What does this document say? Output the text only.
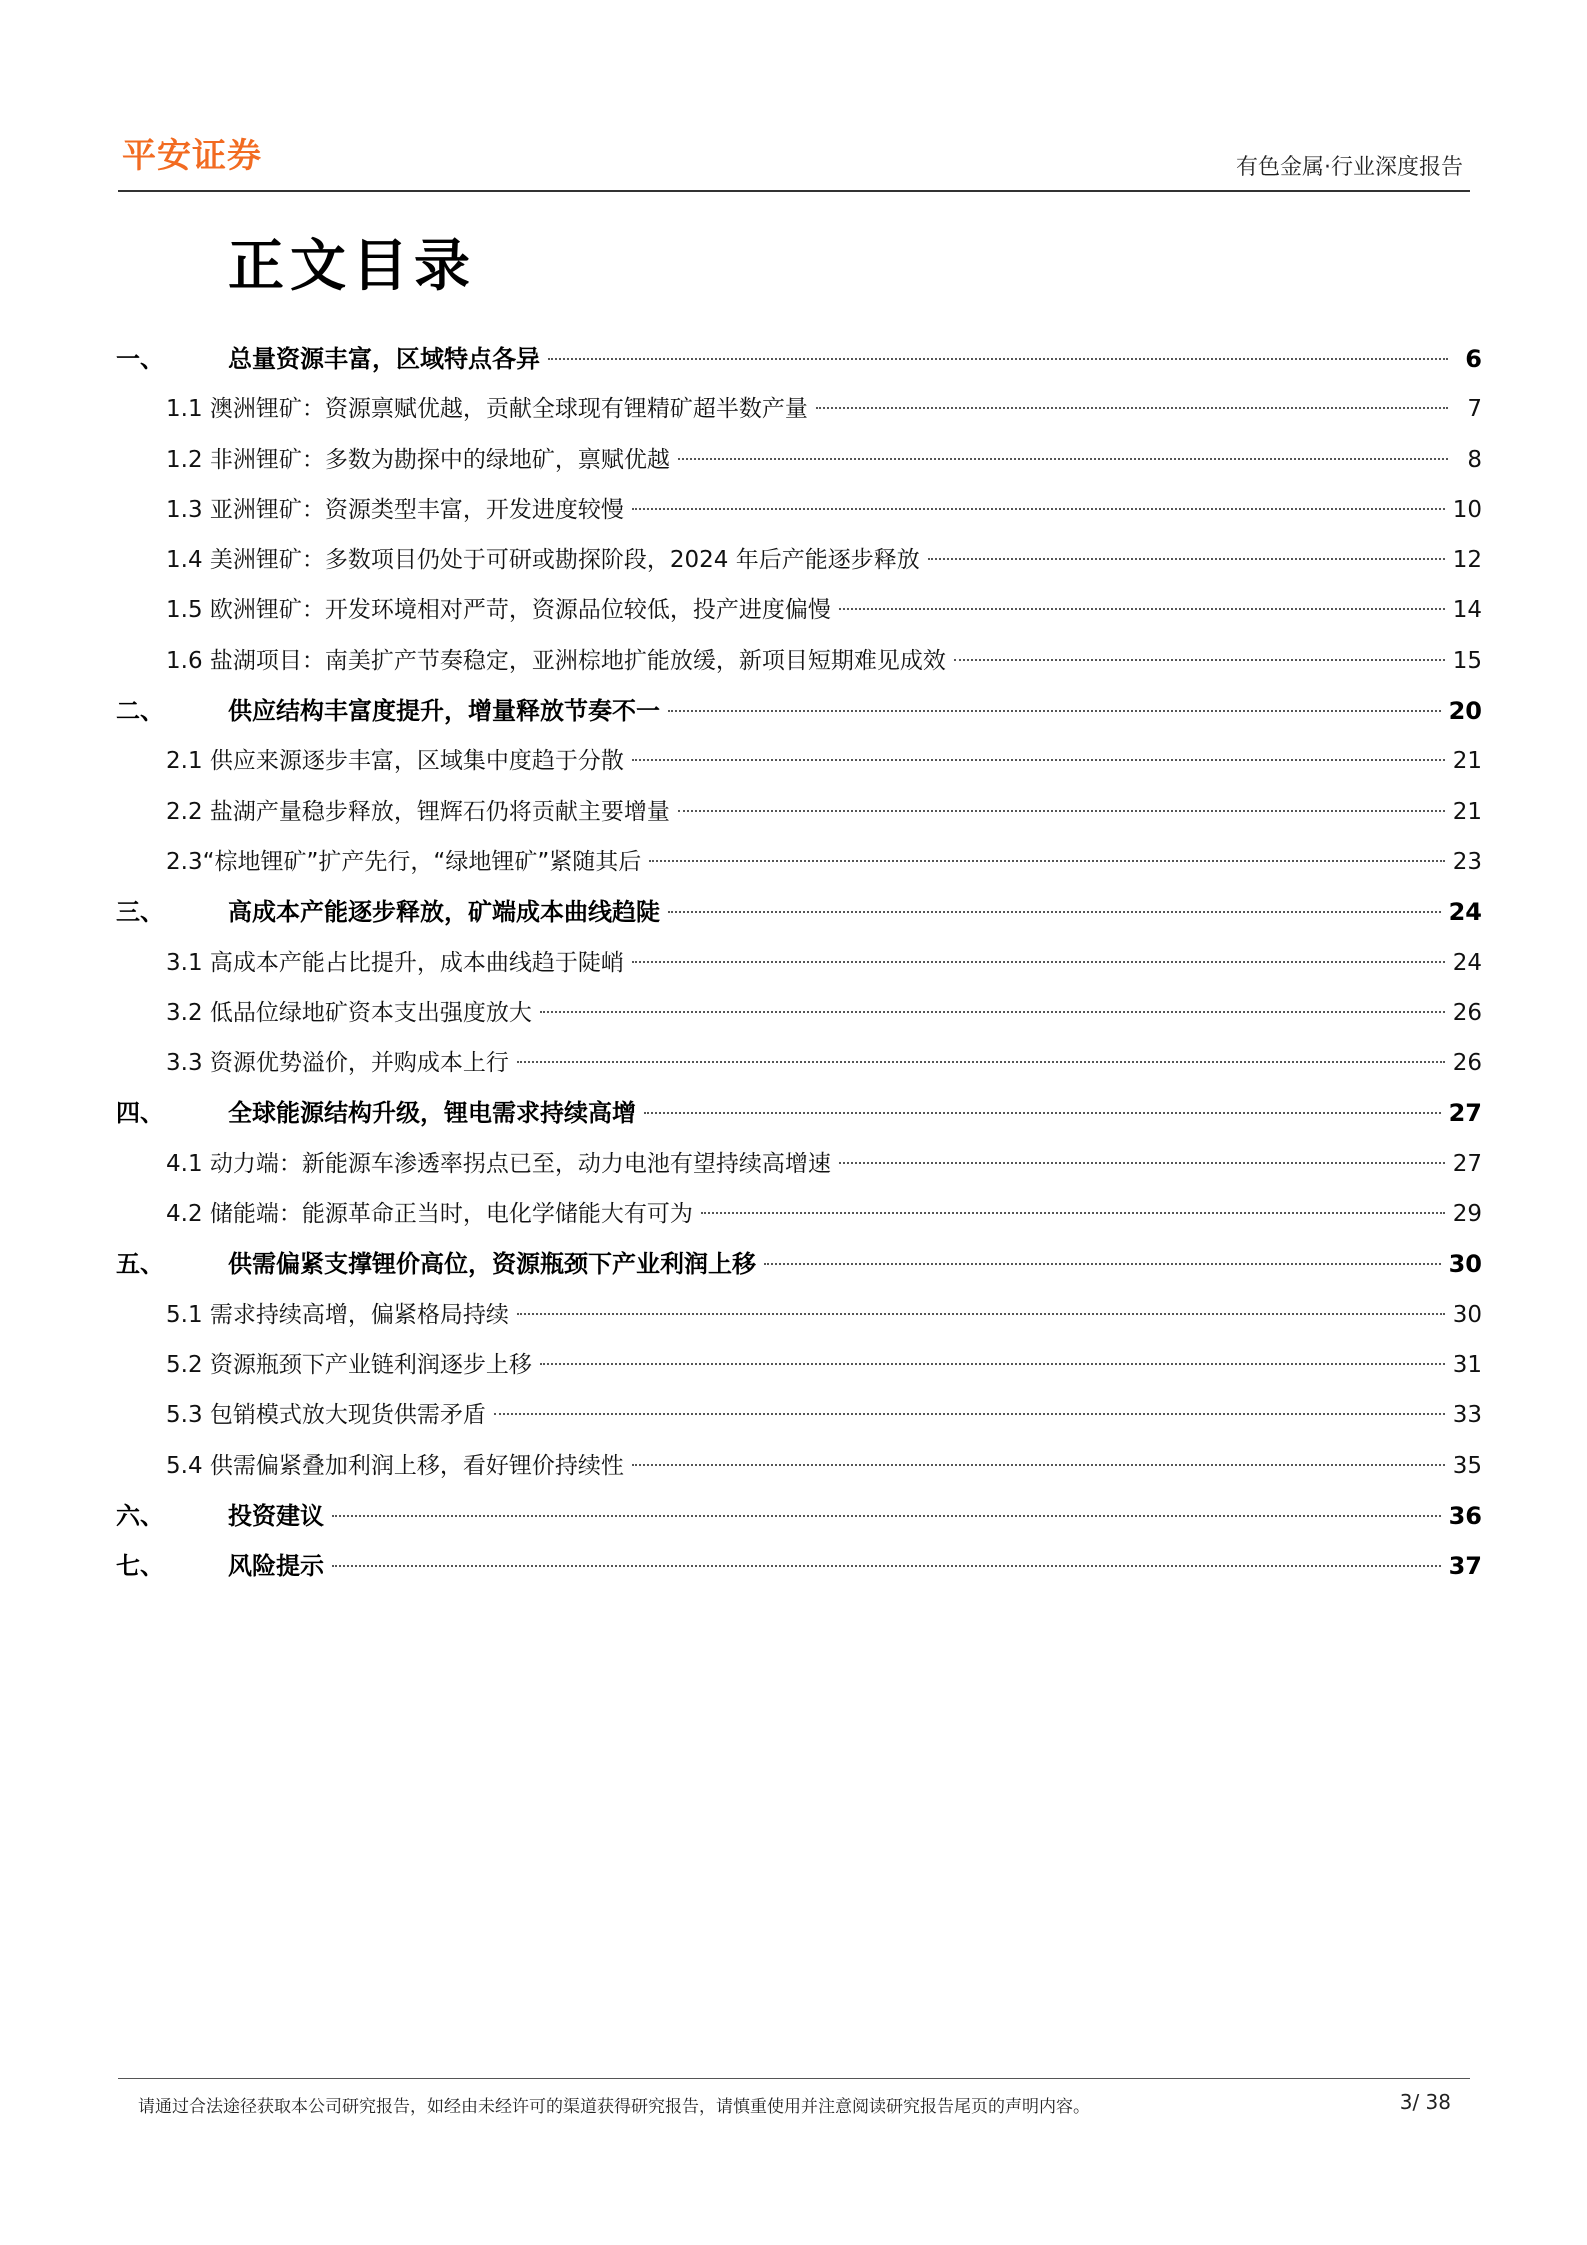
平安证券	有色金属·行业深度报告
正文目录
一、	总量资源丰富，区域特点各异	6
1.1 澳洲锂矿：资源禀赋优越，贡献全球现有锂精矿超半数产量	7
1.2 非洲锂矿：多数为勘探中的绿地矿，禀赋优越	8
1.3 亚洲锂矿：资源类型丰富，开发进度较慢	10
1.4 美洲锂矿：多数项目仍处于可研或勘探阶段，2024 年后产能逐步释放	12
1.5 欧洲锂矿：开发环境相对严苛，资源品位较低，投产进度偏慢	14
1.6 盐湖项目：南美扩产节奏稳定，亚洲棕地扩能放缓，新项目短期难见成效	15
二、	供应结构丰富度提升，增量释放节奏不一	20
2.1 供应来源逐步丰富，区域集中度趋于分散	21
2.2 盐湖产量稳步释放，锂辉石仍将贡献主要增量	21
2.3“棕地锂矿”扩产先行，“绿地锂矿”紧随其后	23
三、	高成本产能逐步释放，矿端成本曲线趋陡	24
3.1 高成本产能占比提升，成本曲线趋于陡峭	24
3.2 低品位绿地矿资本支出强度放大	26
3.3 资源优势溢价，并购成本上行	26
四、	全球能源结构升级，锂电需求持续高增	27
4.1 动力端：新能源车渗透率拐点已至，动力电池有望持续高增速	27
4.2 储能端：能源革命正当时，电化学储能大有可为	29
五、	供需偏紧支撑锂价高位，资源瓶颈下产业利润上移	30
5.1 需求持续高增，偏紧格局持续	30
5.2 资源瓶颈下产业链利润逐步上移	31
5.3 包销模式放大现货供需矛盾	33
5.4 供需偏紧叠加利润上移，看好锂价持续性	35
六、	投资建议	36
七、	风险提示	37
请通过合法途径获取本公司研究报告，如经由未经许可的渠道获得研究报告，请慎重使用并注意阅读研究报告尾页的声明内容。	3/ 38
